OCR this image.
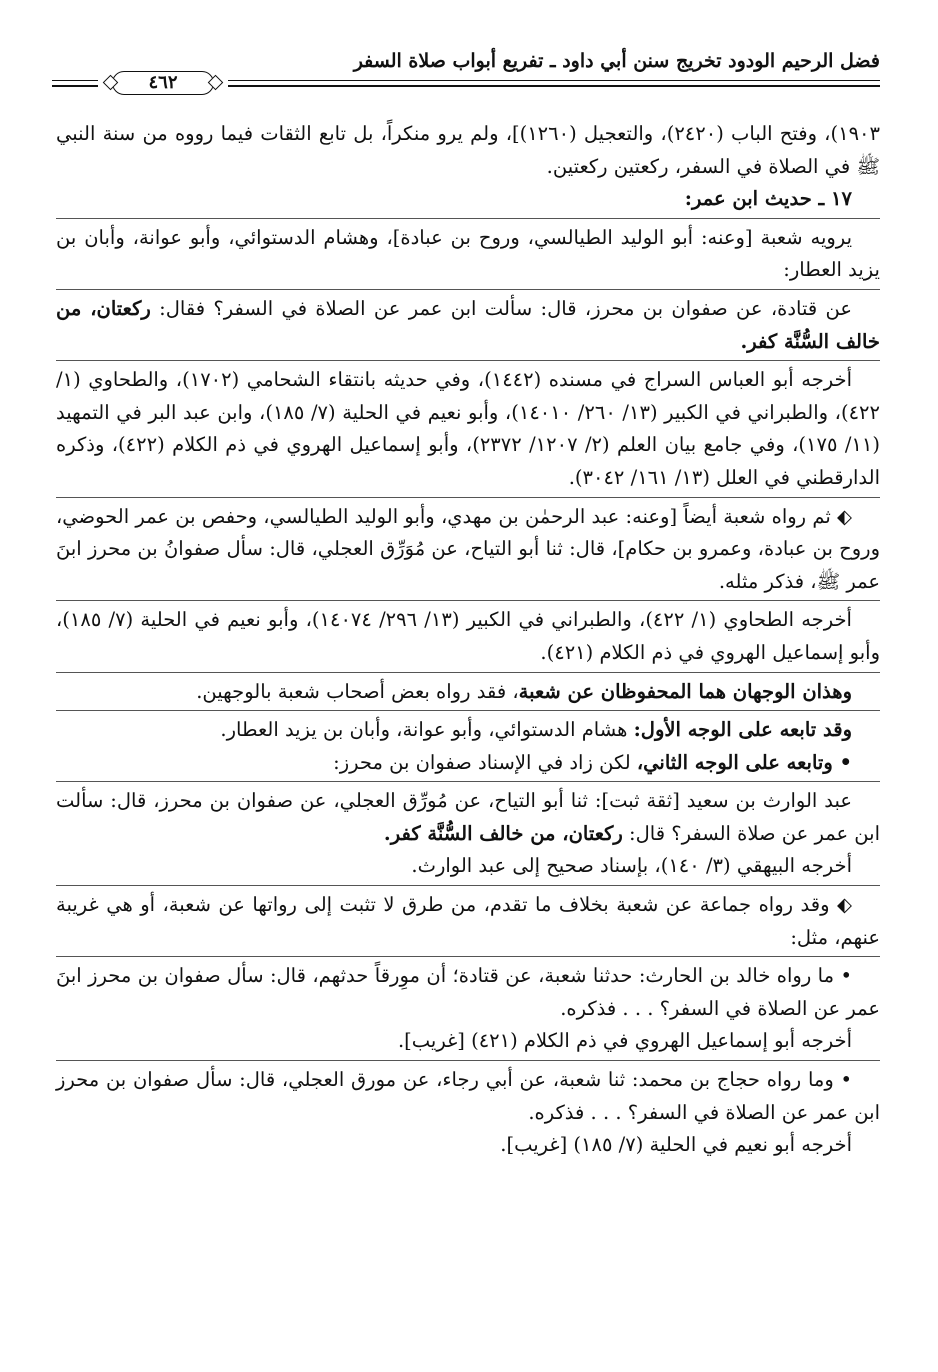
فضل الرحيم الودود تخريج سنن أبي داود ـ تفريع أبواب صلاة السفر
٤٦٢

١٩٠٣)، وفتح الباب (٢٤٢٠)، والتعجيل (١٢٦٠)]، ولم يرو منكراً، بل تابع الثقات فيما رووه من سنة النبي ﷺ في الصلاة في السفر، ركعتين ركعتين.

١٧ ـ حديث ابن عمر:

يرويه شعبة [وعنه: أبو الوليد الطيالسي، وروح بن عبادة]، وهشام الدستوائي، وأبو عوانة، وأبان بن يزيد العطار:

عن قتادة، عن صفوان بن محرز، قال: سألت ابن عمر عن الصلاة في السفر؟ فقال: ركعتان، من خالف السُّنَّة كفر.

أخرجه أبو العباس السراج في مسنده (١٤٤٢)، وفي حديثه بانتقاء الشحامي (١٧٠٢)، والطحاوي (١/ ٤٢٢)، والطبراني في الكبير (١٣/ ٢٦٠/ ١٤٠١٠)، وأبو نعيم في الحلية (٧/ ١٨٥)، وابن عبد البر في التمهيد (١١/ ١٧٥)، وفي جامع بيان العلم (٢/ ١٢٠٧/ ٢٣٧٢)، وأبو إسماعيل الهروي في ذم الكلام (٤٢٢)، وذكره الدارقطني في العلل (١٣/ ١٦١/ ٣٠٤٢).

⬖ ثم رواه شعبة أيضاً [وعنه: عبد الرحمٰن بن مهدي، وأبو الوليد الطيالسي، وحفص بن عمر الحوضي، وروح بن عبادة، وعمرو بن حكام]، قال: ثنا أبو التياح، عن مُوَرِّق العجلي، قال: سأل صفوانُ بن محرز ابنَ عمر ﷺ، فذكر مثله.

أخرجه الطحاوي (١/ ٤٢٢)، والطبراني في الكبير (١٣/ ٢٩٦/ ١٤٠٧٤)، وأبو نعيم في الحلية (٧/ ١٨٥)، وأبو إسماعيل الهروي في ذم الكلام (٤٢١).

وهذان الوجهان هما المحفوظان عن شعبة، فقد رواه بعض أصحاب شعبة بالوجهين.

وقد تابعه على الوجه الأول: هشام الدستوائي، وأبو عوانة، وأبان بن يزيد العطار.

• وتابعه على الوجه الثاني، لكن زاد في الإسناد صفوان بن محرز:

عبد الوارث بن سعيد [ثقة ثبت]: ثنا أبو التياح، عن مُورِّق العجلي، عن صفوان بن محرز، قال: سألت ابن عمر عن صلاة السفر؟ قال: ركعتان، من خالف السُّنَّة كفر.

أخرجه البيهقي (٣/ ١٤٠)، بإسناد صحيح إلى عبد الوارث.

⬖ وقد رواه جماعة عن شعبة بخلاف ما تقدم، من طرق لا تثبت إلى رواتها عن شعبة، أو هي غريبة عنهم، مثل:

• ما رواه خالد بن الحارث: حدثنا شعبة، عن قتادة؛ أن موِرقاً حدثهم، قال: سأل صفوان بن محرز ابنَ عمر عن الصلاة في السفر؟ . . . فذكره.

أخرجه أبو إسماعيل الهروي في ذم الكلام (٤٢١) [غريب].

• وما رواه حجاج بن محمد: ثنا شعبة، عن أبي رجاء، عن مورق العجلي، قال: سأل صفوان بن محرز ابن عمر عن الصلاة في السفر؟ . . . فذكره.

أخرجه أبو نعيم في الحلية (٧/ ١٨٥) [غريب].
